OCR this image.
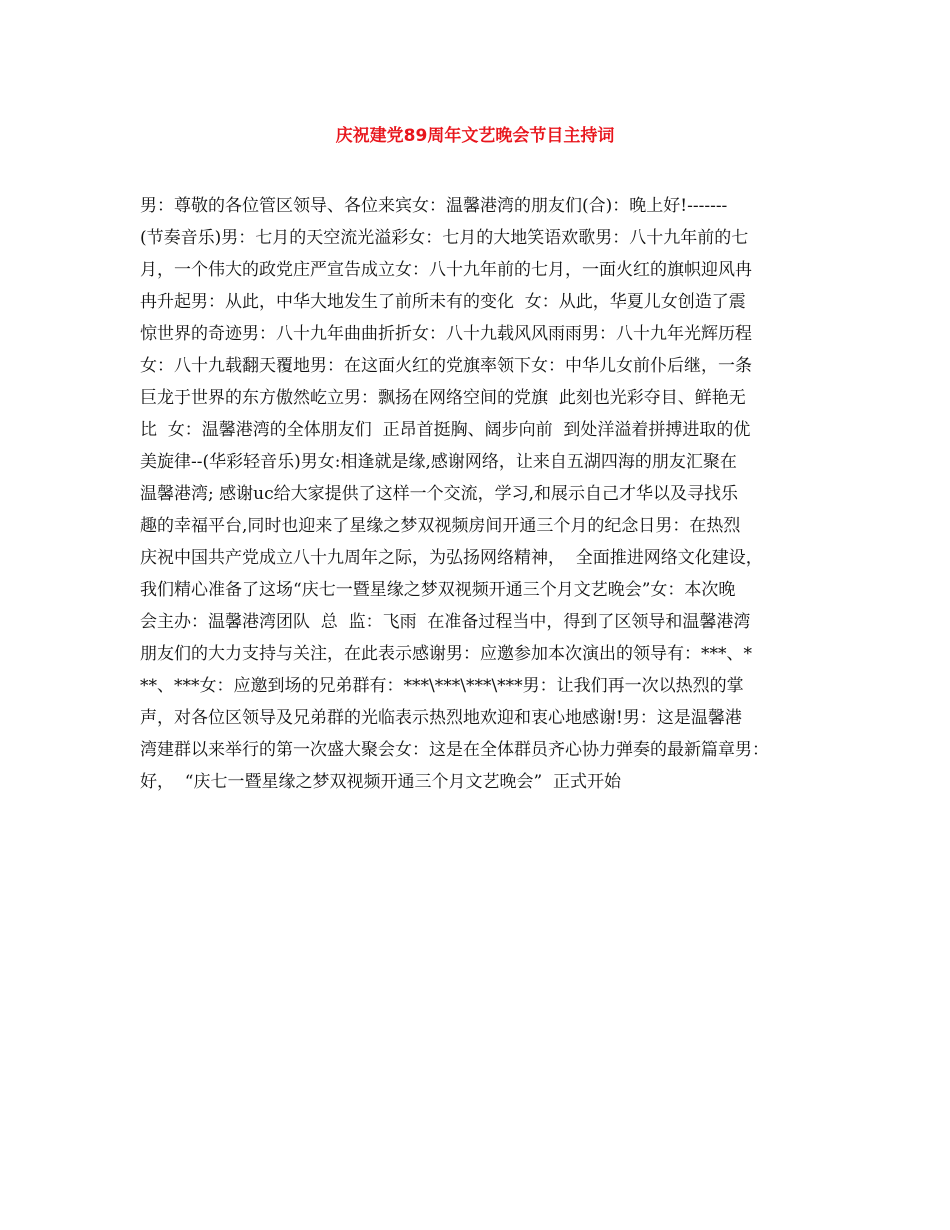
庆祝建党89周年文艺晚会节目主持词
男：尊敬的各位管区领导、各位来宾女：温馨港湾的朋友们(合)：晚上好!-------
(节奏音乐)男：七月的天空流光溢彩女：七月的大地笑语欢歌男：八十九年前的七
月，一个伟大的政党庄严宣告成立女：八十九年前的七月，一面火红的旗帜迎风冉
冉升起男：从此，中华大地发生了前所未有的变化  女：从此，华夏儿女创造了震
惊世界的奇迹男：八十九年曲曲折折女：八十九载风风雨雨男：八十九年光辉历程
女：八十九载翻天覆地男：在这面火红的党旗率领下女：中华儿女前仆后继，一条
巨龙于世界的东方傲然屹立男：飘扬在网络空间的党旗  此刻也光彩夺目、鲜艳无
比  女：温馨港湾的全体朋友们  正昂首挺胸、阔步向前  到处洋溢着拼搏进取的优
美旋律--(华彩轻音乐)男女:相逢就是缘,感谢网络，让来自五湖四海的朋友汇聚在
温馨港湾; 感谢uc给大家提供了这样一个交流，学习,和展示自己才华以及寻找乐
趣的幸福平台,同时也迎来了星缘之梦双视频房间开通三个月的纪念日男：在热烈
庆祝中国共产党成立八十九周年之际，为弘扬网络精神，  全面推进网络文化建设，
我们精心准备了这场“庆七一暨星缘之梦双视频开通三个月文艺晚会”女：本次晚
会主办：温馨港湾团队  总  监：飞雨  在准备过程当中，得到了区领导和温馨港湾
朋友们的大力支持与关注，在此表示感谢男：应邀参加本次演出的领导有：***、*
**、***女：应邀到场的兄弟群有：***\***\***\***男：让我们再一次以热烈的掌
声，对各位区领导及兄弟群的光临表示热烈地欢迎和衷心地感谢!男：这是温馨港
湾建群以来举行的第一次盛大聚会女：这是在全体群员齐心协力弹奏的最新篇章男：
好，  “庆七一暨星缘之梦双视频开通三个月文艺晚会”  正式开始
